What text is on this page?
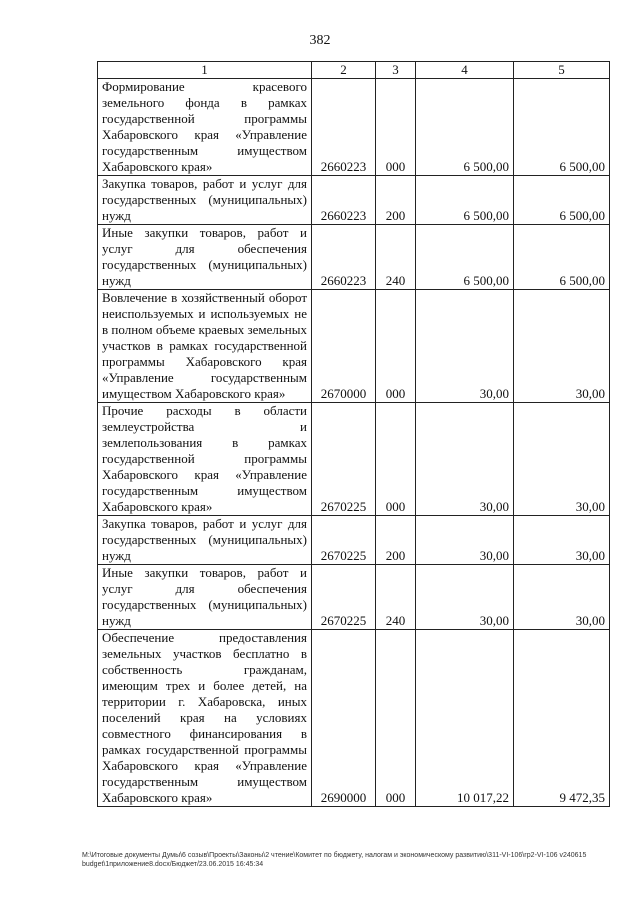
382
1	2	3	4	5
Формирование красевого земельного фонда в рамках государственной программы Хабаровского края «Управление государственным имуществом Хабаровского края»	2660223	000	6 500,00	6 500,00
Закупка товаров, работ и услуг для государственных (муниципальных) нужд	2660223	200	6 500,00	6 500,00
Иные закупки товаров, работ и услуг для обеспечения государственных (муниципальных) нужд	2660223	240	6 500,00	6 500,00
Вовлечение в хозяйственный оборот неиспользуемых и используемых не в полном объеме краевых земельных участков в рамках государственной программы Хабаровского края «Управление государственным имуществом Хабаровского края»	2670000	000	30,00	30,00
Прочие расходы в области землеустройства и землепользования в рамках государственной программы Хабаровского края «Управление государственным имуществом Хабаровского края»	2670225	000	30,00	30,00
Закупка товаров, работ и услуг для государственных (муниципальных) нужд	2670225	200	30,00	30,00
Иные закупки товаров, работ и услуг для обеспечения государственных (муниципальных) нужд	2670225	240	30,00	30,00
Обеспечение предоставления земельных участков бесплатно в собственность гражданам, имеющим трех и более детей, на территории г. Хабаровска, иных поселений края на условиях совместного финансирования в рамках государственной программы Хабаровского края «Управление государственным имуществом Хабаровского края»	2690000	000	10 017,22	9 472,35
M:\Итоговые документы Думы\6 созыв\Проекты\Законы\2 чтение\Комитет по бюджету, налогам и экономическому развитию\311-VI-106\гр2-VI-106 v240615 budget\1приложение8.docx/Бюджет/23.06.2015 16:45:34
